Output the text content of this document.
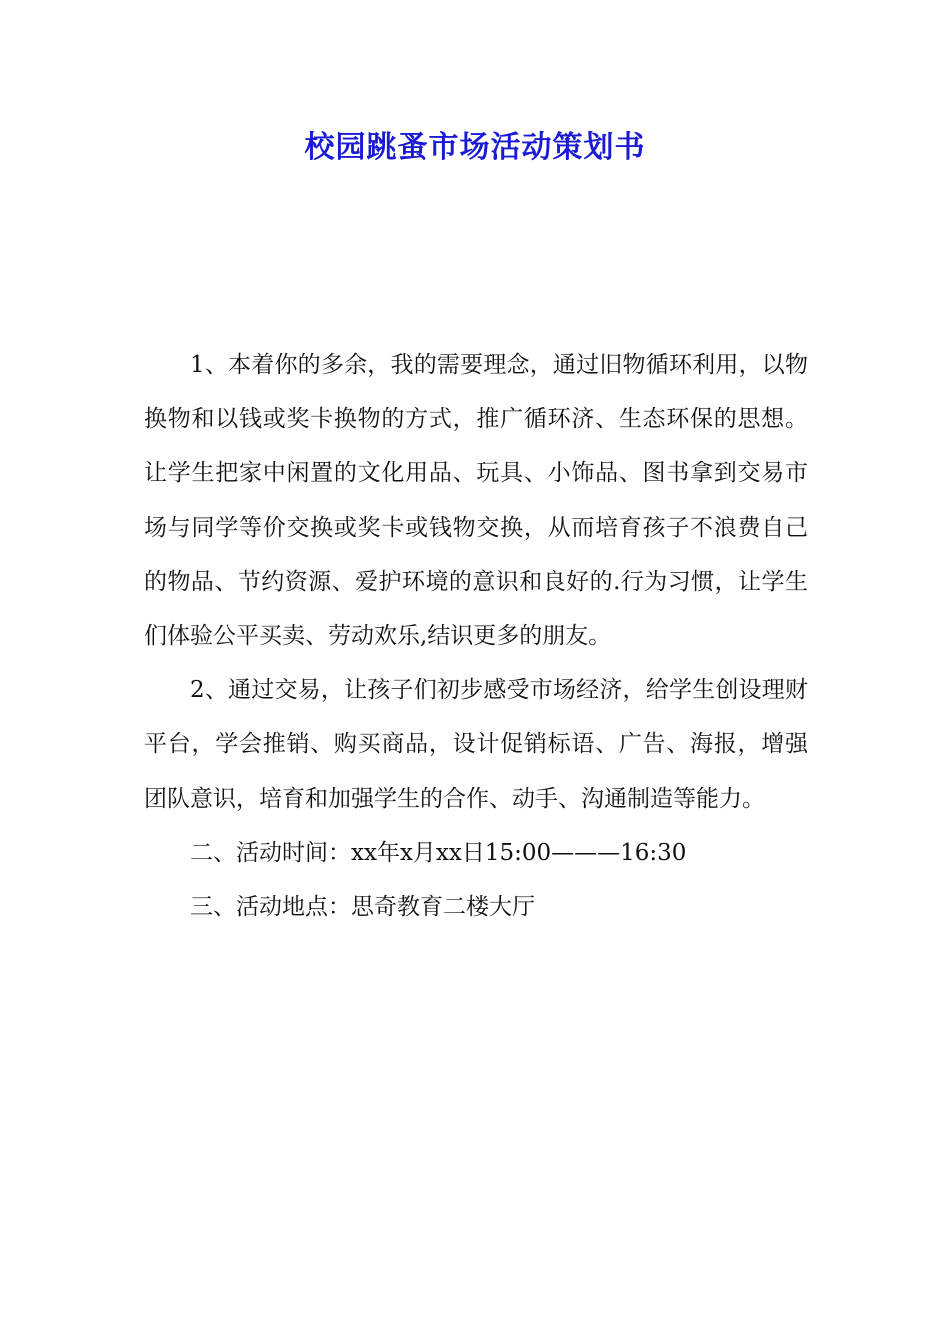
校园跳蚤市场活动策划书

1、本着你的多余，我的需要理念，通过旧物循环利用，以物换物和以钱或奖卡换物的方式，推广循环济、生态环保的思想。让学生把家中闲置的文化用品、玩具、小饰品、图书拿到交易市场与同学等价交换或奖卡或钱物交换，从而培育孩子不浪费自己的物品、节约资源、爱护环境的意识和良好的.行为习惯，让学生们体验公平买卖、劳动欢乐,结识更多的朋友。

2、通过交易，让孩子们初步感受市场经济，给学生创设理财平台，学会推销、购买商品，设计促销标语、广告、海报，增强团队意识，培育和加强学生的合作、动手、沟通制造等能力。

二、活动时间：xx年x月xx日15:00———16:30

三、活动地点：思奇教育二楼大厅
